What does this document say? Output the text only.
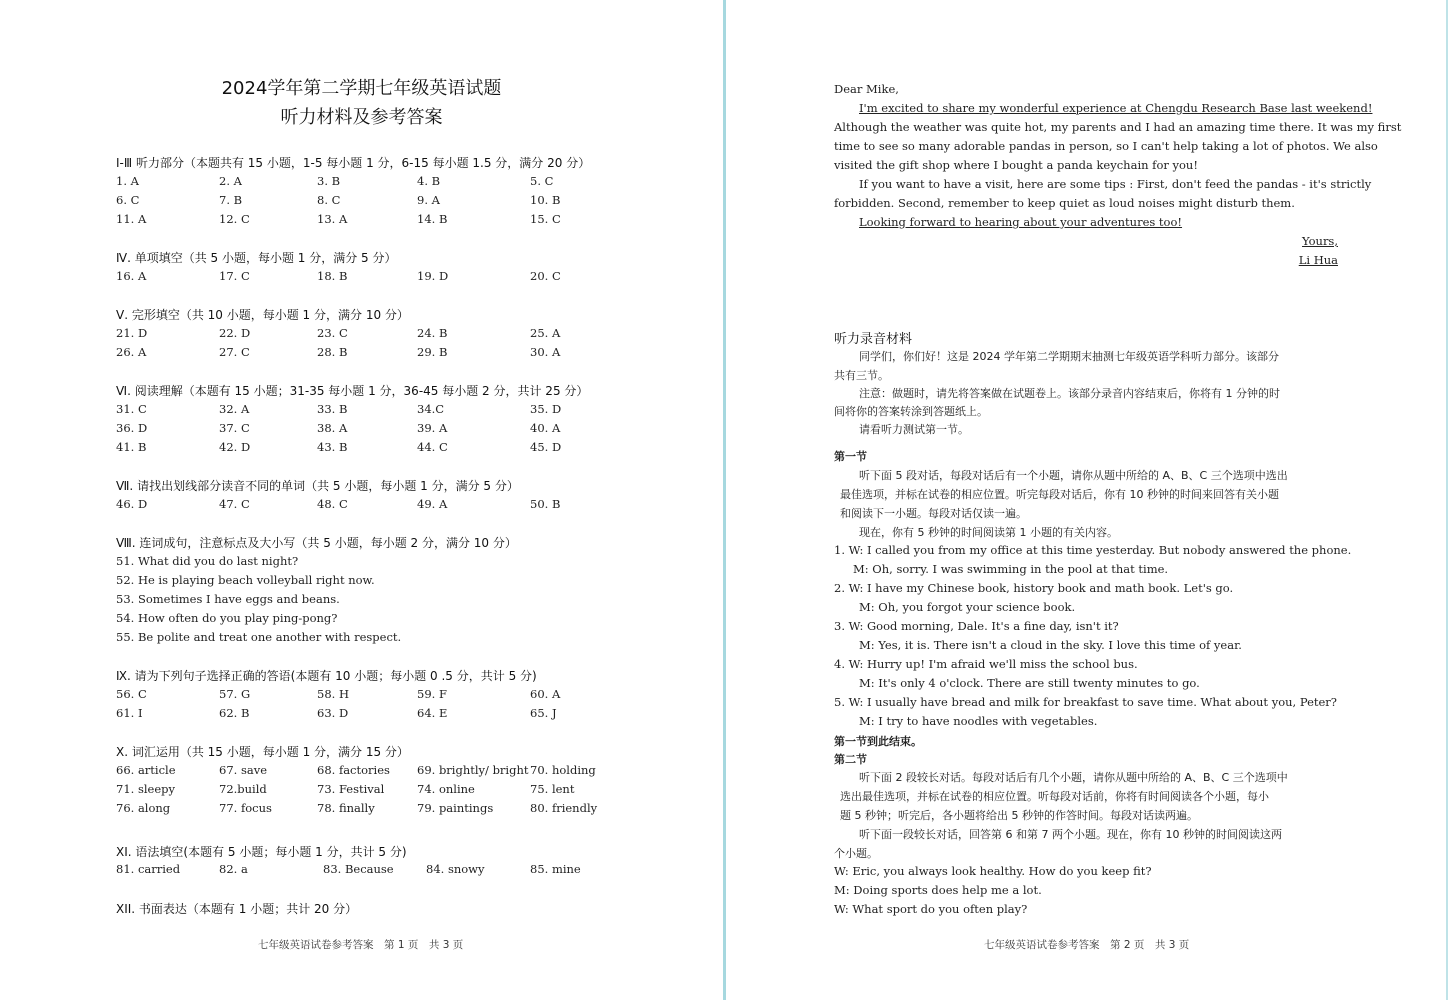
2024学年第二学期七年级英语试题
听力材料及参考答案
Ⅰ-Ⅲ 听力部分（本题共有 15 小题，1-5 每小题 1 分，6-15 每小题 1.5 分，满分 20 分）
1. A	2. A	3. B	4. B	5. C
6. C	7. B	8. C	9. A	10. B
11. A	12. C	13. A	14. B	15. C
Ⅳ. 单项填空（共 5 小题，每小题 1 分，满分 5 分）
16. A	17. C	18. B	19. D	20. C
Ⅴ. 完形填空（共 10 小题，每小题 1 分，满分 10 分）
21. D	22. D	23. C	24. B	25. A
26. A	27. C	28. B	29. B	30. A
Ⅵ. 阅读理解（本题有 15 小题；31-35 每小题 1 分，36-45 每小题 2 分，共计 25 分）
31. C	32. A	33. B	34.C	35. D
36. D	37. C	38. A	39. A	40. A
41. B	42. D	43. B	44. C	45. D
Ⅶ. 请找出划线部分读音不同的单词（共 5 小题，每小题 1 分，满分 5 分）
46. D	47. C	48. C	49. A	50. B
Ⅷ. 连词成句，注意标点及大小写（共 5 小题，每小题 2 分，满分 10 分）
51. What did you do last night?
52. He is playing beach volleyball right now.
53. Sometimes I have eggs and beans.
54. How often do you play ping-pong?
55. Be polite and treat one another with respect.
Ⅸ. 请为下列句子选择正确的答语(本题有 10 小题；每小题 0 .5 分，共计 5 分)
56. C	57. G	58. H	59. F	60. A
61. I	62. B	63. D	64. E	65. J
Ⅹ. 词汇运用（共 15 小题，每小题 1 分，满分 15 分）
66. article	67. save	68. factories 69. brightly/ bright 70. holding
71. sleepy	72.build	73. Festival	74. online	75. lent
76. along	77. focus	78. finally	79. paintings	80. friendly
XI. 语法填空(本题有 5 小题；每小题 1 分，共计 5 分)
81. carried	82. a	83. Because	84. snowy	85. mine
XII. 书面表达（本题有 1 小题；共计 20 分）
七年级英语试卷参考答案　第 1 页　共 3 页
Dear Mike,
I'm excited to share my wonderful experience at Chengdu Research Base last weekend!
Although the weather was quite hot, my parents and I had an amazing time there. It was my first
time to see so many adorable pandas in person, so I can't help taking a lot of photos. We also
visited the gift shop where I bought a panda keychain for you!
If you want to have a visit, here are some tips : First, don't feed the pandas - it's strictly
forbidden. Second, remember to keep quiet as loud noises might disturb them.
Looking forward to hearing about your adventures too!
Yours,
Li Hua
听力录音材料
同学们，你们好！这是 2024 学年第二学期期末抽测七年级英语学科听力部分。该部分
共有三节。
注意：做题时，请先将答案做在试题卷上。该部分录音内容结束后，你将有 1 分钟的时
间将你的答案转涂到答题纸上。
请看听力测试第一节。
第一节
听下面 5 段对话，每段对话后有一个小题，请你从题中所给的 A、B、C 三个选项中选出
最佳选项，并标在试卷的相应位置。听完每段对话后，你有 10 秒钟的时间来回答有关小题
和阅读下一小题。每段对话仅读一遍。
现在，你有 5 秒钟的时间阅读第 1 小题的有关内容。
1. W: I called you from my office at this time yesterday. But nobody answered the phone.
M: Oh, sorry. I was swimming in the pool at that time.
2. W: I have my Chinese book, history book and math book. Let's go.
M: Oh, you forgot your science book.
3. W: Good morning, Dale. It's a fine day, isn't it?
M: Yes, it is. There isn't a cloud in the sky. I love this time of year.
4. W: Hurry up! I'm afraid we'll miss the school bus.
M: It's only 4 o'clock. There are still twenty minutes to go.
5. W: I usually have bread and milk for breakfast to save time. What about you, Peter?
M: I try to have noodles with vegetables.
第一节到此结束。
第二节
听下面 2 段较长对话。每段对话后有几个小题，请你从题中所给的 A、B、C 三个选项中
选出最佳选项，并标在试卷的相应位置。听每段对话前，你将有时间阅读各个小题，每小
题 5 秒钟；听完后，各小题将给出 5 秒钟的作答时间。每段对话读两遍。
听下面一段较长对话，回答第 6 和第 7 两个小题。现在，你有 10 秒钟的时间阅读这两
个小题。
W: Eric, you always look healthy. How do you keep fit?
M: Doing sports does help me a lot.
W: What sport do you often play?
七年级英语试卷参考答案　第 2 页　共 3 页
